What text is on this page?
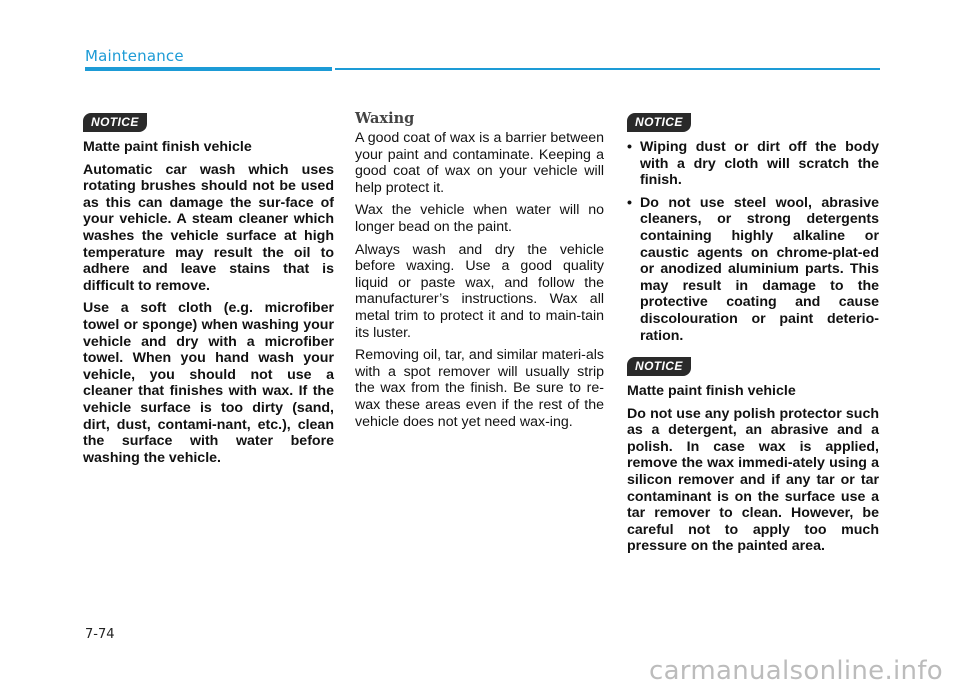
Maintenance
NOTICE

Matte paint finish vehicle

Automatic car wash which uses rotating brushes should not be used as this can damage the sur-face of your vehicle. A steam cleaner which washes the vehicle surface at high temperature may result the oil to adhere and leave stains that is difficult to remove.

Use a soft cloth (e.g. microfiber towel or sponge) when washing your vehicle and dry with a microfiber towel. When you hand wash your vehicle, you should not use a cleaner that finishes with wax. If the vehicle surface is too dirty (sand, dirt, dust, contami-nant, etc.), clean the surface with water before washing the vehicle.

Waxing

A good coat of wax is a barrier between your paint and contaminate. Keeping a good coat of wax on your vehicle will help protect it.

Wax the vehicle when water will no longer bead on the paint.

Always wash and dry the vehicle before waxing. Use a good quality liquid or paste wax, and follow the manufacturer’s instructions. Wax all metal trim to protect it and to main-tain its luster.

Removing oil, tar, and similar materi-als with a spot remover will usually strip the wax from the finish. Be sure to re-wax these areas even if the rest of the vehicle does not yet need wax-ing.

NOTICE
• Wiping dust or dirt off the body with a dry cloth will scratch the finish.
• Do not use steel wool, abrasive cleaners, or strong detergents containing highly alkaline or caustic agents on chrome-plat-ed or anodized aluminium parts. This may result in damage to the protective coating and cause discolouration or paint deterio-ration.
NOTICE

Matte paint finish vehicle

Do not use any polish protector such as a detergent, an abrasive and a polish. In case wax is applied, remove the wax immedi-ately using a silicon remover and if any tar or tar contaminant is on the surface use a tar remover to clean. However, be careful not to apply too much pressure on the painted area.

7-74
carmanualsonline.info
